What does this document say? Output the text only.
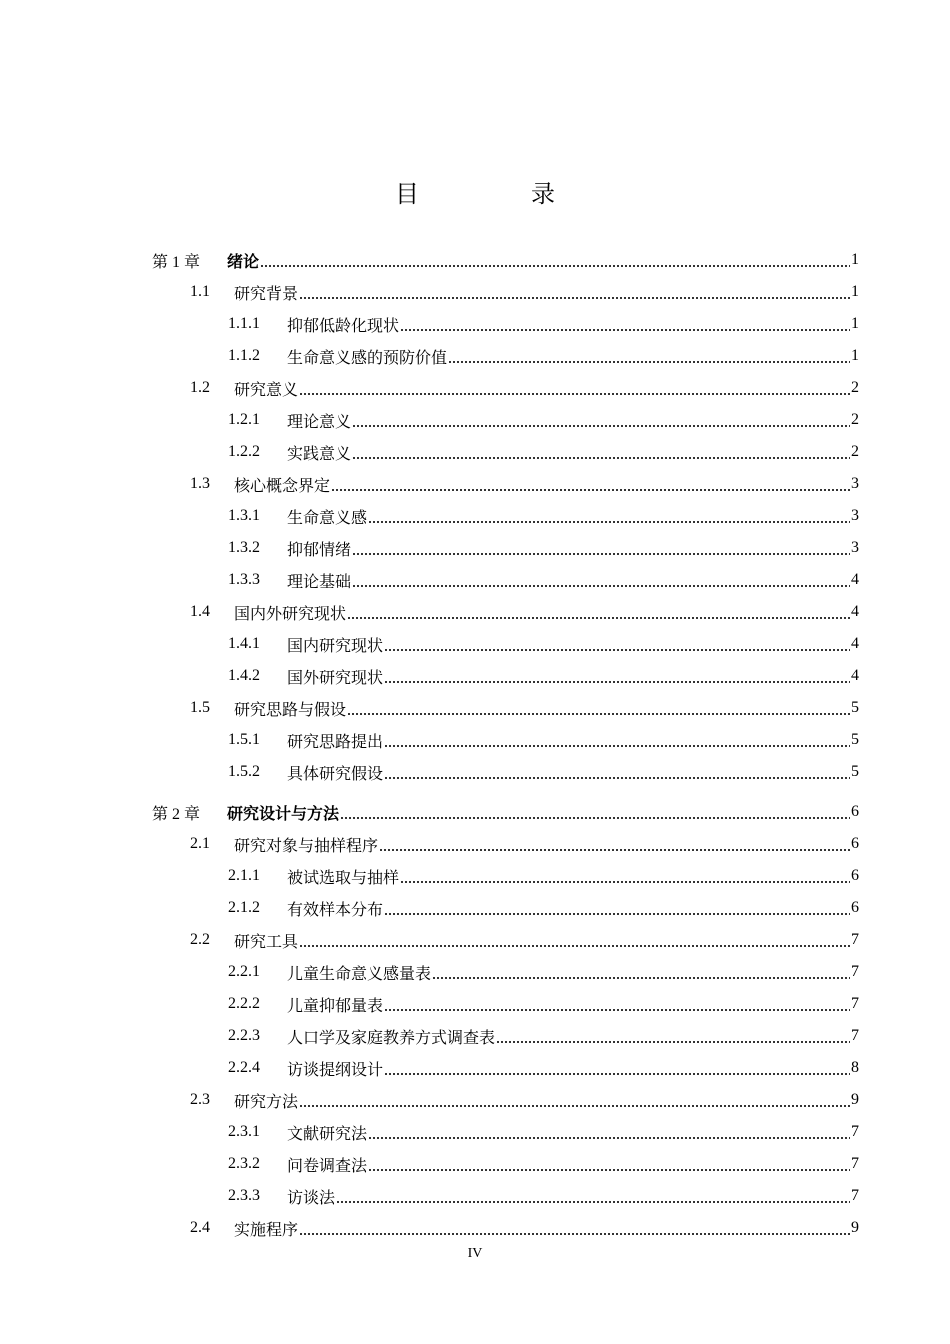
目　录
第 1 章	绪论	1
1.1	研究背景	1
1.1.1	抑郁低龄化现状	1
1.1.2	生命意义感的预防价值	1
1.2	研究意义	2
1.2.1	理论意义	2
1.2.2	实践意义	2
1.3	核心概念界定	3
1.3.1	生命意义感	3
1.3.2	抑郁情绪	3
1.3.3	理论基础	4
1.4	国内外研究现状	4
1.4.1	国内研究现状	4
1.4.2	国外研究现状	4
1.5	研究思路与假设	5
1.5.1	研究思路提出	5
1.5.2	具体研究假设	5
第 2 章	研究设计与方法	6
2.1	研究对象与抽样程序	6
2.1.1	被试选取与抽样	6
2.1.2	有效样本分布	6
2.2	研究工具	7
2.2.1	儿童生命意义感量表	7
2.2.2	儿童抑郁量表	7
2.2.3	人口学及家庭教养方式调查表	7
2.2.4	访谈提纲设计	8
2.3	研究方法	9
2.3.1	文献研究法	7
2.3.2	问卷调查法	7
2.3.3	访谈法	7
2.4	实施程序	9
IV
